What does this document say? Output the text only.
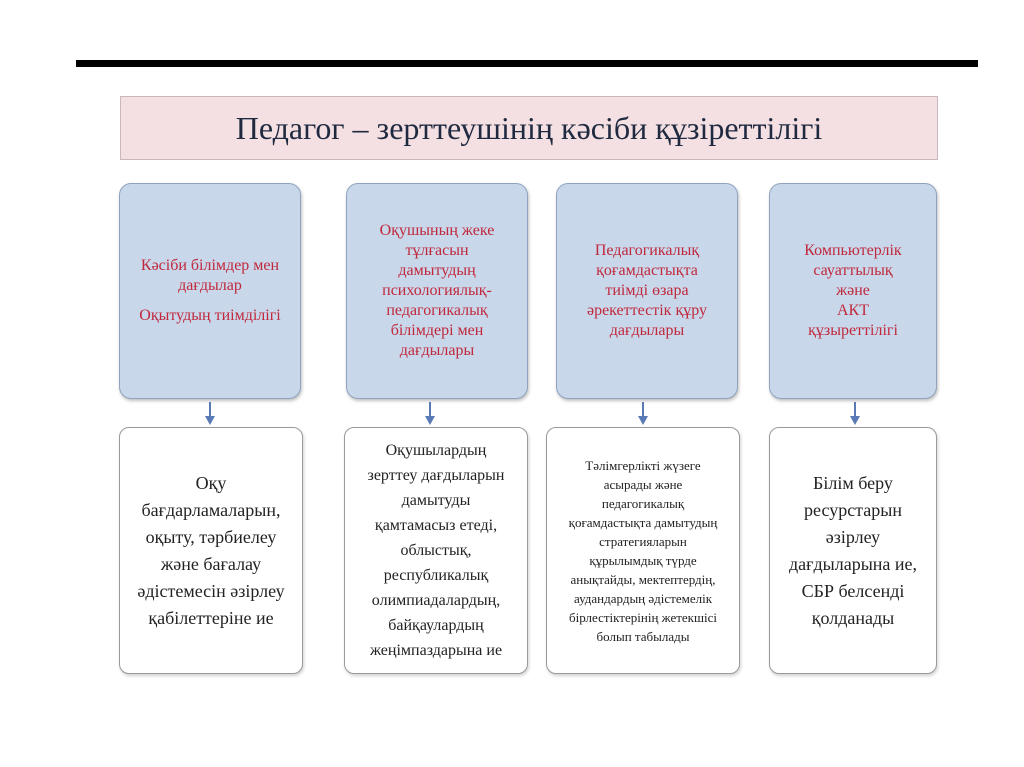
Педагог – зерттеушінің кәсіби құзіреттілігі
Кәсіби білімдер мен
дағдылар
Оқытудың тиімділігі
Оқу
бағдарламаларын,
оқыту, тәрбиелеу
және бағалау
әдістемесін әзірлеу
қабілеттеріне ие
Оқушының жеке
тұлғасын
дамытудың
психологиялық-
педагогикалық
білімдері мен
дағдылары
Оқушылардың
зерттеу дағдыларын
дамытуды
қамтамасыз етеді,
облыстық,
республикалық
олимпиадалардың,
байқаулардың
жеңімпаздарына ие
Педагогикалық
қоғамдастықта
тиімді өзара
әрекеттестік құру
дағдылары
Тәлімгерлікті жүзеге
асырады және
педагогикалық
қоғамдастықта дамытудың
стратегияларын
құрылымдық түрде
анықтайды, мектептердің,
аудандардың әдістемелік
бірлестіктерінің жетекшісі
болып табылады
Компьютерлік
сауаттылық
және
АКТ
құзыреттілігі
Білім беру
ресурстарын
әзірлеу
дағдыларына ие,
СБР белсенді
қолданады
